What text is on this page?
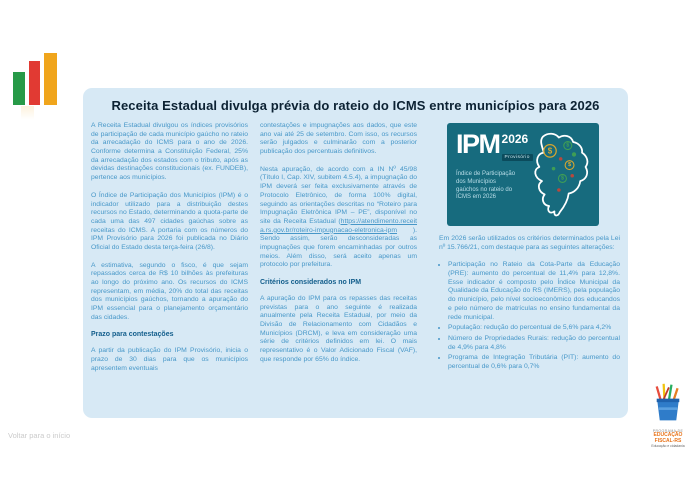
Receita Estadual divulga prévia do rateio do ICMS entre municípios para 2026

A Receita Estadual divulgou os índices provisórios de participação de cada município gaúcho no rateio da arrecadação do ICMS para o ano de 2026. Conforme determina a Constituição Federal, 25% da arrecadação dos estados com o tributo, após as devidas destinações constitucionais (ex. FUNDEB), pertence aos municípios.

O Índice de Participação dos Municípios (IPM) é o indicador utilizado para a distribuição destes recursos no Estado, determinando a quota-parte de cada uma das 497 cidades gaúchas sobre as receitas do ICMS. A portaria com os números do IPM Provisório para 2026 foi publicada no Diário Oficial do Estado desta terça-feira (26/8).

A estimativa, segundo o fisco, é que sejam repassados cerca de R$ 10 bilhões às prefeituras ao longo do próximo ano. Os recursos do ICMS representam, em média, 20% do total das receitas dos municípios gaúchos, tornando a apuração do IPM essencial para o planejamento orçamentário das cidades.

Prazo para contestações

A partir da publicação do IPM Provisório, inicia o prazo de 30 dias para que os municípios apresentem eventuais

contestações e impugnações aos dados, que este ano vai até 25 de setembro. Com isso, os recursos serão julgados e culminarão com a posterior publicação dos percentuais definitivos.

Nesta apuração, de acordo com a IN Nº 45/98 (Título I, Cap. XIV, subitem 4.5.4), a impugnação do IPM deverá ser feita exclusivamente através de Protocolo Eletrônico, de forma 100% digital, seguindo as orientações descritas no “Roteiro para Impugnação Eletrônica IPM – PE”, disponível no site da Receita Estadual (https://atendimento.receita.rs.gov.br/roteiro-impugnacao-eletronica-ipm ). Sendo assim, serão desconsideradas as impugnações que forem encaminhadas por outros meios. Além disso, será aceito apenas um protocolo por prefeitura.

Critérios considerados no IPM

A apuração do IPM para os repasses das receitas previstas para o ano seguinte é realizada anualmente pela Receita Estadual, por meio da Divisão de Relacionamento com Cidadãos e Municípios (DRCM), e leva em consideração uma série de critérios definidos em lei. O mais representativo é o Valor Adicionado Fiscal (VAF), que responde por 65% do índice.

IPM 2026
Provisório
Índice de Participação dos Municípios gaúchos no rateio do ICMS em 2026
$
$
$
$

Em 2026 serão utilizados os critérios determinados pela Lei nº 15.766/21, com destaque para as seguintes alterações:

• Participação no Rateio da Cota-Parte da Educação (PRE): aumento do percentual de 11,4% para 12,8%. Esse indicador é composto pelo Índice Municipal da Qualidade da Educação do RS (IMERS), pela população do município, pelo nível socioeconômico dos educandos e pelo número de matrículas no ensino fundamental da rede municipal.
• População: redução do percentual de 5,6% para 4,2%
• Número de Propriedades Rurais: redução do percentual de 4,9% para 4,8%
• Programa de Integração Tributária (PIT): aumento do percentual de 0,6% para 0,7%
Voltar para o início	PROGRAMA DE
EDUCAÇÃO FISCAL-RS
Educação e cidadania
